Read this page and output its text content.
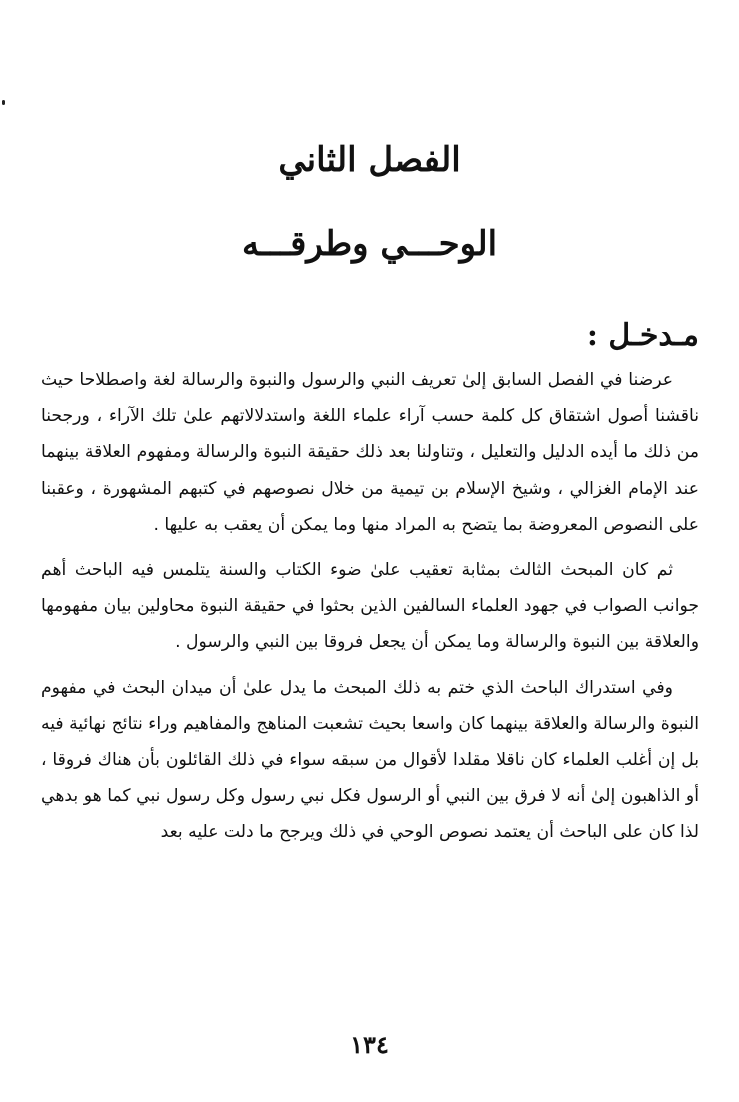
الفصل الثاني
الوحـــي وطرقـــه
مـدخـل :

عرضنا في الفصل السابق إلىٰ تعريف النبي والرسول والنبوة والرسالة لغة واصطلاحا حيث ناقشنا أصول اشتقاق كل كلمة حسب آراء علماء اللغة واستدلالاتهم علىٰ تلك الآراء ، ورجحنا من ذلك ما أيده الدليل والتعليل ، وتناولنا بعد ذلك حقيقة النبوة والرسالة ومفهوم العلاقة بينهما عند الإمام الغزالي ، وشيخ الإسلام بن تيمية من خلال نصوصهم في كتبهم المشهورة ، وعقبنا على النصوص المعروضة بما يتضح به المراد منها وما يمكن أن يعقب به عليها .

ثم كان المبحث الثالث بمثابة تعقيب علىٰ ضوء الكتاب والسنة يتلمس فيه الباحث أهم جوانب الصواب في جهود العلماء السالفين الذين بحثوا في حقيقة النبوة محاولين بيان مفهومها والعلاقة بين النبوة والرسالة وما يمكن أن يجعل فروقا بين النبي والرسول .

وفي استدراك الباحث الذي ختم به ذلك المبحث ما يدل علىٰ أن ميدان البحث في مفهوم النبوة والرسالة والعلاقة بينهما كان واسعا بحيث تشعبت المناهج والمفاهيم وراء نتائج نهائية فيه بل إن أغلب العلماء كان ناقلا مقلدا لأقوال من سبقه سواء في ذلك القائلون بأن هناك فروقا ، أو الذاهبون إلىٰ أنه لا فرق بين النبي أو الرسول فكل نبي رسول وكل رسول نبي كما هو بدهي لذا كان على الباحث أن يعتمد نصوص الوحي في ذلك ويرجح ما دلت عليه بعد

١٣٤
